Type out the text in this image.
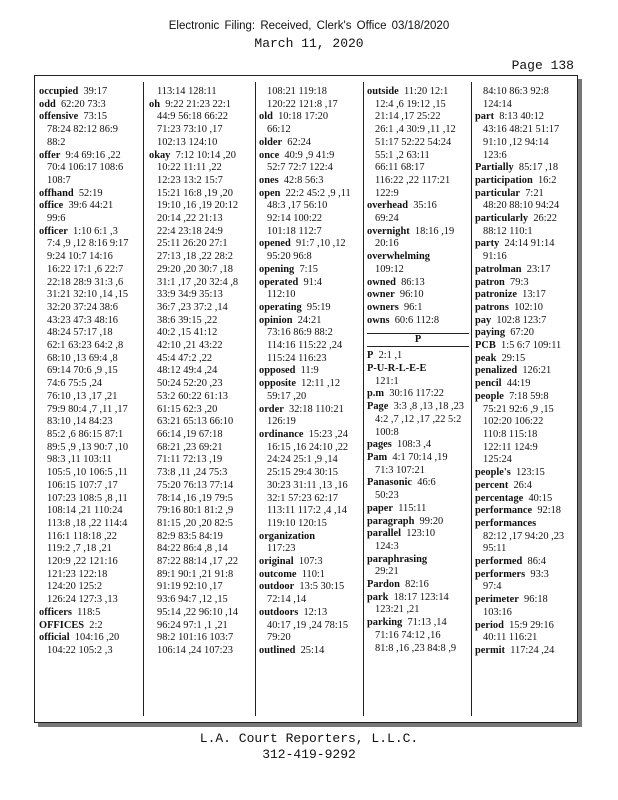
Electronic Filing: Received, Clerk's Office 03/18/2020
March 11, 2020
Page 138
occupied 39:17
odd 62:20 73:3
offensive 73:15
78:24 82:12 86:9
88:2
offer 9:4 69:16 ,22
70:4 106:17 108:6
108:7
offhand 52:19
office 39:6 44:21
99:6
officer 1:10 6:1 ,3
7:4 ,9 ,12 8:16 9:17
9:24 10:7 14:16
16:22 17:1 ,6 22:7
22:18 28:9 31:3 ,6
31:21 32:10 ,14 ,15
32:20 37:24 38:6
43:23 47:3 48:16
48:24 57:17 ,18
62:1 63:23 64:2 ,8
68:10 ,13 69:4 ,8
69:14 70:6 ,9 ,15
74:6 75:5 ,24
76:10 ,13 ,17 ,21
79:9 80:4 ,7 ,11 ,17
83:10 ,14 84:23
85:2 ,6 86:15 87:1
89:5 ,9 ,13 90:7 ,10
98:3 ,11 103:11
105:5 ,10 106:5 ,11
106:15 107:7 ,17
107:23 108:5 ,8 ,11
108:14 ,21 110:24
113:8 ,18 ,22 114:4
116:1 118:18 ,22
119:2 ,7 ,18 ,21
120:9 ,22 121:16
121:23 122:18
124:20 125:2
126:24 127:3 ,13
officers 118:5
OFFICES 2:2
official 104:16 ,20
104:22 105:2 ,3
113:14 128:11
oh 9:22 21:23 22:1
44:9 56:18 66:22
71:23 73:10 ,17
102:13 124:10
okay 7:12 10:14 ,20
10:22 11:11 ,22
12:23 13:2 15:7
15:21 16:8 ,19 ,20
19:10 ,16 ,19 20:12
20:14 ,22 21:13
22:4 23:18 24:9
25:11 26:20 27:1
27:13 ,18 ,22 28:2
29:20 ,20 30:7 ,18
31:1 ,17 ,20 32:4 ,8
33:9 34:9 35:13
36:7 ,23 37:2 ,14
38:6 39:15 ,22
40:2 ,15 41:12
42:10 ,21 43:22
45:4 47:2 ,22
48:12 49:4 ,24
50:24 52:20 ,23
53:2 60:22 61:13
61:15 62:3 ,20
63:21 65:13 66:10
66:14 ,19 67:18
68:21 ,23 69:21
71:11 72:13 ,19
73:8 ,11 ,24 75:3
75:20 76:13 77:14
78:14 ,16 ,19 79:5
79:16 80:1 81:2 ,9
81:15 ,20 ,20 82:5
82:9 83:5 84:19
84:22 86:4 ,8 ,14
87:22 88:14 ,17 ,22
89:1 90:1 ,21 91:8
91:19 92:10 ,17
93:6 94:7 ,12 ,15
95:14 ,22 96:10 ,14
96:24 97:1 ,1 ,21
98:2 101:16 103:7
106:14 ,24 107:23
108:21 119:18
120:22 121:8 ,17
old 10:18 17:20
66:12
older 62:24
once 40:9 ,9 41:9
52:7 72:7 122:4
ones 42:8 56:3
open 22:2 45:2 ,9 ,11
48:3 ,17 56:10
92:14 100:22
101:18 112:7
opened 91:7 ,10 ,12
95:20 96:8
opening 7:15
operated 91:4
112:10
operating 95:19
opinion 24:21
73:16 86:9 88:2
114:16 115:22 ,24
115:24 116:23
opposed 11:9
opposite 12:11 ,12
59:17 ,20
order 32:18 110:21
126:19
ordinance 15:23 ,24
16:15 ,16 24:10 ,22
24:24 25:1 ,9 ,14
25:15 29:4 30:15
30:23 31:11 ,13 ,16
32:1 57:23 62:17
113:11 117:2 ,4 ,14
119:10 120:15
organization
117:23
original 107:3
outcome 110:1
outdoor 13:5 30:15
72:14 ,14
outdoors 12:13
40:17 ,19 ,24 78:15
79:20
outlined 25:14
outside 11:20 12:1
12:4 ,6 19:12 ,15
21:14 ,17 25:22
26:1 ,4 30:9 ,11 ,12
51:17 52:22 54:24
55:1 ,2 63:11
66:11 68:17
116:22 ,22 117:21
122:9
overhead 35:16
69:24
overnight 18:16 ,19
20:16
overwhelming
109:12
owned 86:13
owner 96:10
owners 96:1
owns 60:6 112:8
P
P 2:1 ,1
P-U-R-L-E-E
121:1
p.m 30:16 117:22
Page 3:3 ,8 ,13 ,18 ,23
4:2 ,7 ,12 ,17 ,22 5:2
100:8
pages 108:3 ,4
Pam 4:1 70:14 ,19
71:3 107:21
Panasonic 46:6
50:23
paper 115:11
paragraph 99:20
parallel 123:10
124:3
paraphrasing
29:21
Pardon 82:16
park 18:17 123:14
123:21 ,21
parking 71:13 ,14
71:16 74:12 ,16
81:8 ,16 ,23 84:8 ,9
84:10 86:3 92:8
124:14
part 8:13 40:12
43:16 48:21 51:17
91:10 ,12 94:14
123:6
Partially 85:17 ,18
participation 16:2
particular 7:21
48:20 88:10 94:24
particularly 26:22
88:12 110:1
party 24:14 91:14
91:16
patrolman 23:17
patron 79:3
patronize 13:17
patrons 102:10
pay 102:8 123:7
paying 67:20
PCB 1:5 6:7 109:11
peak 29:15
penalized 126:21
pencil 44:19
people 7:18 59:8
75:21 92:6 ,9 ,15
102:20 106:22
110:8 115:18
122:11 124:9
125:24
people's 123:15
percent 26:4
percentage 40:15
performance 92:18
performances
82:12 ,17 94:20 ,23
95:11
performed 86:4
performers 93:3
97:4
perimeter 96:18
103:16
period 15:9 29:16
40:11 116:21
permit 117:24 ,24
L.A. Court Reporters, L.L.C.
312-419-9292
